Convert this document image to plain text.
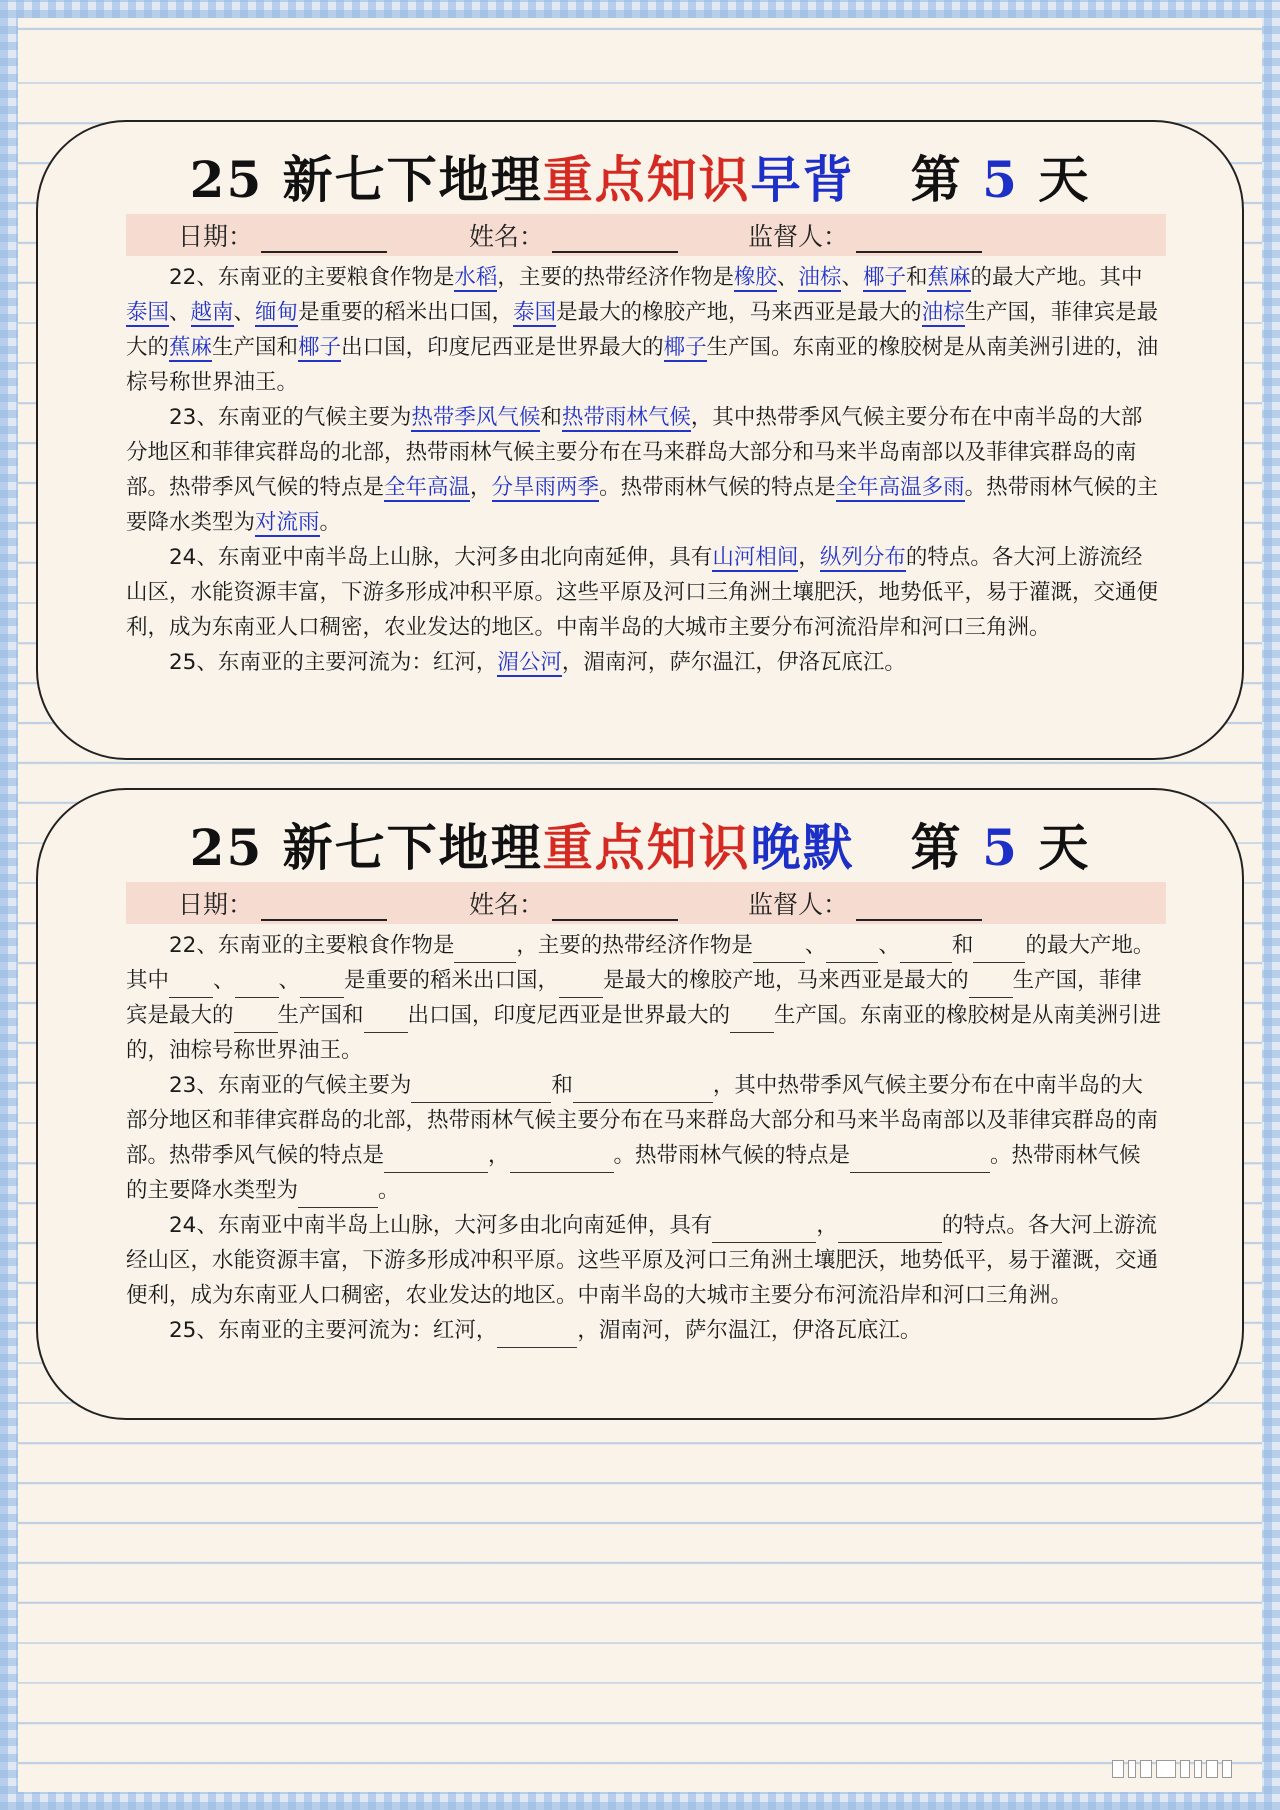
25 新七下地理重点知识早背 第 5 天
日期：	姓名：	监督人：

22、东南亚的主要粮食作物是水稻，主要的热带经济作物是橡胶、油棕、椰子和蕉麻的最大产地。其中泰国、越南、缅甸是重要的稻米出口国，泰国是最大的橡胶产地，马来西亚是最大的油棕生产国，菲律宾是最大的蕉麻生产国和椰子出口国，印度尼西亚是世界最大的椰子生产国。东南亚的橡胶树是从南美洲引进的，油棕号称世界油王。

23、东南亚的气候主要为热带季风气候和热带雨林气候，其中热带季风气候主要分布在中南半岛的大部分地区和菲律宾群岛的北部，热带雨林气候主要分布在马来群岛大部分和马来半岛南部以及菲律宾群岛的南部。热带季风气候的特点是全年高温，分旱雨两季。热带雨林气候的特点是全年高温多雨。热带雨林气候的主要降水类型为对流雨。

24、东南亚中南半岛上山脉，大河多由北向南延伸，具有山河相间，纵列分布的特点。各大河上游流经山区，水能资源丰富，下游多形成冲积平原。这些平原及河口三角洲土壤肥沃，地势低平，易于灌溉，交通便利，成为东南亚人口稠密，农业发达的地区。中南半岛的大城市主要分布河流沿岸和河口三角洲。

25、东南亚的主要河流为：红河，湄公河，湄南河，萨尔温江，伊洛瓦底江。

25 新七下地理重点知识晚默 第 5 天
日期：	姓名：	监督人：

22、东南亚的主要粮食作物是	，主要的热带经济作物是 、 、 和 的最大产地。其中 、 、 是重要的稻米出口国， 是最大的橡胶产地，马来西亚是最大的 生产国，菲律宾是最大的 生产国和 出口国，印度尼西亚是世界最大的 生产国。东南亚的橡胶树是从南美洲引进的，油棕号称世界油王。

23、东南亚的气候主要为	和	，其中热带季风气候主要分布在中南半岛的大部分地区和菲律宾群岛的北部，热带雨林气候主要分布在马来群岛大部分和马来半岛南部以及菲律宾群岛的南部。热带季风气候的特点是	，	。热带雨林气候的特点是	。热带雨林气候的主要降水类型为	。

24、东南亚中南半岛上山脉，大河多由北向南延伸，具有	，	的特点。各大河上游流经山区，水能资源丰富，下游多形成冲积平原。这些平原及河口三角洲土壤肥沃，地势低平，易于灌溉，交通便利，成为东南亚人口稠密，农业发达的地区。中南半岛的大城市主要分布河流沿岸和河口三角洲。

25、东南亚的主要河流为：红河，	，湄南河，萨尔温江，伊洛瓦底江。
